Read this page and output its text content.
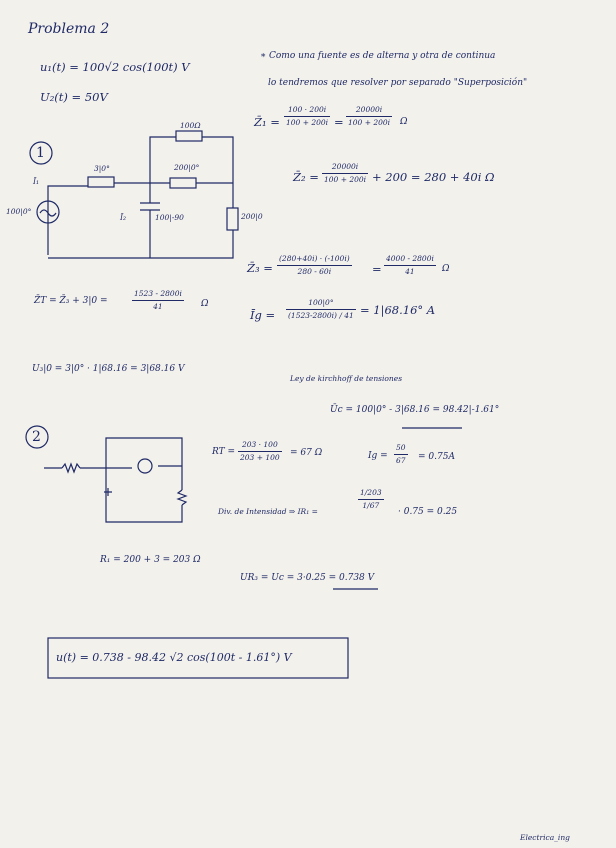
Problema 2
u₁(t) = 100√2 cos(100t) V
U₂(t) = 50V
∗ Como una fuente es de alterna y otra de continua
lo tendremos que resolver por separado "Superposición"
1
100Ω
3|0°	200|0°
100|-90	200|0
100|0°
Ī₁
Ī₂
Z̄₁ =
100 · 200i
100 + 200i =
20000i
100 + 200i Ω
Z̄₂ =
20000i
100 + 200i + 200 = 280 + 40i Ω
Z̄₃ =
(280+40i) · (-100i)
280 - 60i	=
4000 - 2800i
41	Ω
Z̄T = Z̄₃ + 3|0 =
1523 - 2800i
41	Ω
Īg =
100|0°
(1523-2800i) / 41 = 1|68.16° A
U₃|0 = 3|0° · 1|68.16 = 3|68.16 V
Ley de kirchhoff de tensiones
Ūc = 100|0° - 3|68.16 = 98.42|-1.61°
2
RT =
203 · 100
203 + 100 = 67 Ω	Ig =
50
67 = 0.75A
Div. de Intensidad ⇒ IR₁ =
1/203
1/67
· 0.75 = 0.25
R₁ = 200 + 3 = 203 Ω
UR₃ = Uc = 3·0.25 = 0.738 V
u(t) = 0.738 - 98.42 √2 cos(100t - 1.61°) V
Electrica_ing
